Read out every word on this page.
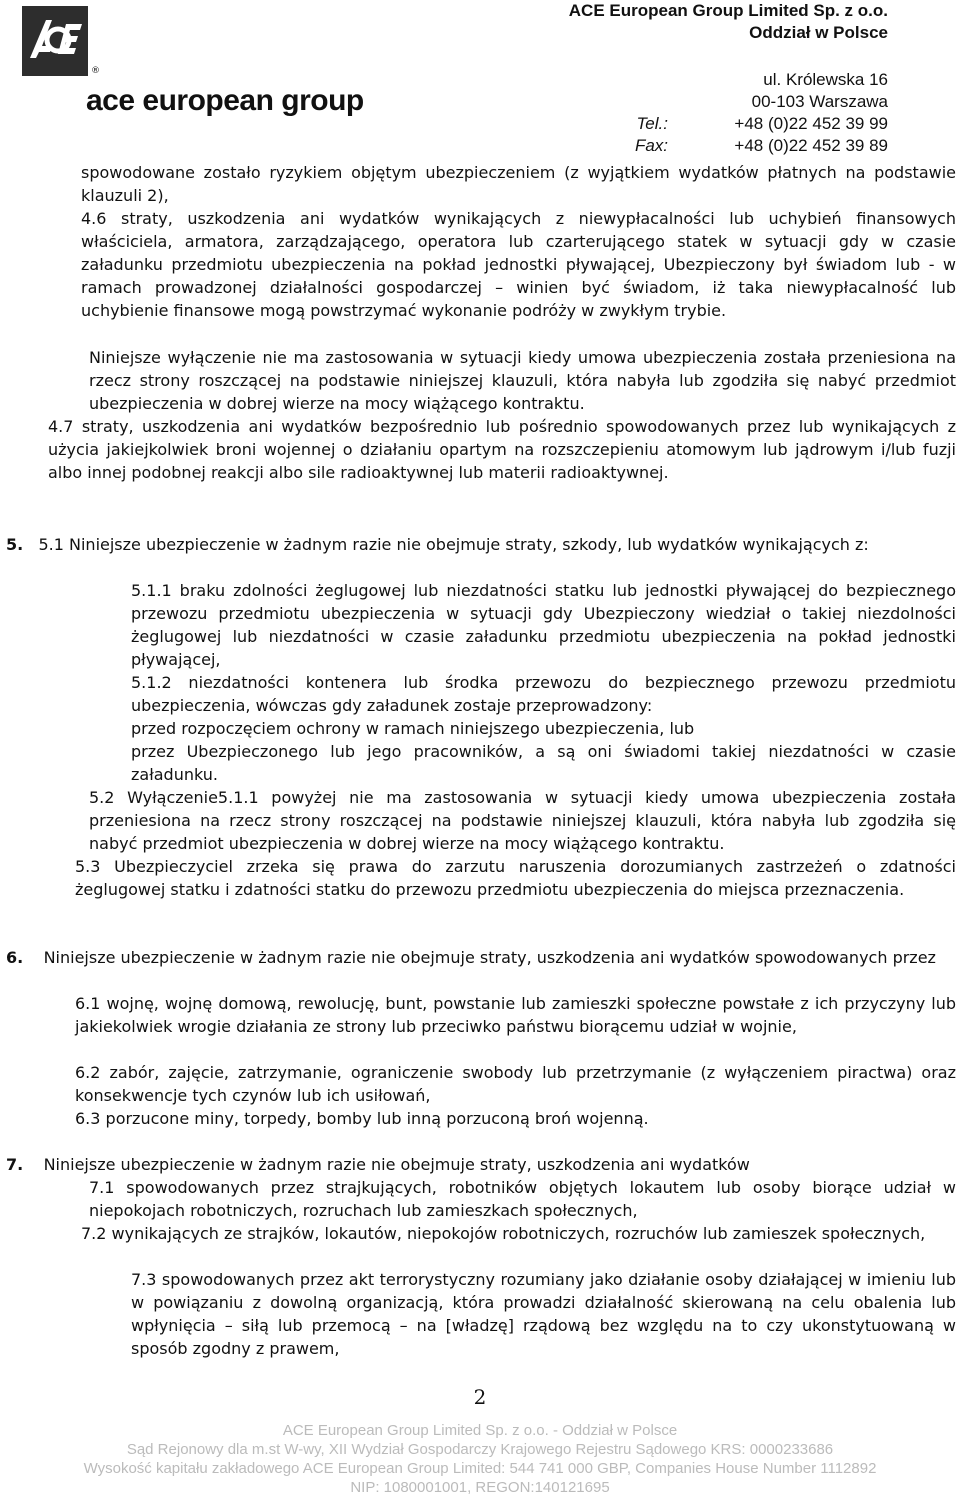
®
ace european group
ACE European Group Limited Sp. z o.o.
Oddział w Polsce
ul. Królewska 16
00-103 Warszawa
Tel.:	+48 (0)22 452 39 99
Fax:	+48 (0)22 452 39 89

spowodowane zostało ryzykiem objętym ubezpieczeniem (z wyjątkiem wydatków płatnych na podstawie klauzuli 2),

4.6 straty, uszkodzenia ani wydatków wynikających z niewypłacalności lub uchybień finansowych właściciela, armatora, zarządzającego, operatora lub czarterującego statek w sytuacji gdy w czasie załadunku przedmiotu ubezpieczenia na pokład jednostki pływającej, Ubezpieczony był świadom lub - w ramach prowadzonej działalności gospodarczej – winien być świadom, iż taka niewypłacalność lub uchybienie finansowe mogą powstrzymać wykonanie podróży w zwykłym trybie.

Niniejsze wyłączenie nie ma zastosowania w sytuacji kiedy umowa ubezpieczenia została przeniesiona na rzecz strony roszczącej na podstawie niniejszej klauzuli, która nabyła lub zgodziła się nabyć przedmiot ubezpieczenia w dobrej wierze na mocy wiążącego kontraktu.

4.7 straty, uszkodzenia ani wydatków bezpośrednio lub pośrednio spowodowanych przez lub wynikających z użycia jakiejkolwiek broni wojennej o działaniu opartym na rozszczepieniu atomowym lub jądrowym i/lub fuzji albo innej podobnej reakcji albo sile radioaktywnej lub materii radioaktywnej.

5. 5.1 Niniejsze ubezpieczenie w żadnym razie nie obejmuje straty, szkody, lub wydatków wynikających z:

5.1.1 braku zdolności żeglugowej lub niezdatności statku lub jednostki pływającej do bezpiecznego przewozu przedmiotu ubezpieczenia w sytuacji gdy Ubezpieczony wiedział o takiej niezdolności żeglugowej lub niezdatności w czasie załadunku przedmiotu ubezpieczenia na pokład jednostki pływającej,

5.1.2 niezdatności kontenera lub środka przewozu do bezpiecznego przewozu przedmiotu ubezpieczenia, wówczas gdy załadunek zostaje przeprowadzony:

przed rozpoczęciem ochrony w ramach niniejszego ubezpieczenia, lub

przez Ubezpieczonego lub jego pracowników, a są oni świadomi takiej niezdatności w czasie załadunku.

5.2 Wyłączenie5.1.1 powyżej nie ma zastosowania w sytuacji kiedy umowa ubezpieczenia została przeniesiona na rzecz strony roszczącej na podstawie niniejszej klauzuli, która nabyła lub zgodziła się nabyć przedmiot ubezpieczenia w dobrej wierze na mocy wiążącego kontraktu.

5.3 Ubezpieczyciel zrzeka się prawa do zarzutu naruszenia dorozumianych zastrzeżeń o zdatności żeglugowej statku i zdatności statku do przewozu przedmiotu ubezpieczenia do miejsca przeznaczenia.

6. Niniejsze ubezpieczenie w żadnym razie nie obejmuje straty, uszkodzenia ani wydatków spowodowanych przez

6.1 wojnę, wojnę domową, rewolucję, bunt, powstanie lub zamieszki społeczne powstałe z ich przyczyny lub jakiekolwiek wrogie działania ze strony lub przeciwko państwu biorącemu udział w wojnie,

6.2 zabór, zajęcie, zatrzymanie, ograniczenie swobody lub przetrzymanie (z wyłączeniem piractwa) oraz konsekwencje tych czynów lub ich usiłowań,

6.3 porzucone miny, torpedy, bomby lub inną porzuconą broń wojenną.

7. Niniejsze ubezpieczenie w żadnym razie nie obejmuje straty, uszkodzenia ani wydatków

7.1 spowodowanych przez strajkujących, robotników objętych lokautem lub osoby biorące udział w niepokojach robotniczych, rozruchach lub zamieszkach społecznych,

7.2 wynikających ze strajków, lokautów, niepokojów robotniczych, rozruchów lub zamieszek społecznych,

7.3 spowodowanych przez akt terrorystyczny rozumiany jako działanie osoby działającej w imieniu lub w powiązaniu z dowolną organizacją, która prowadzi działalność skierowaną na celu obalenia lub wpłynięcia – siłą lub przemocą – na [władzę] rządową bez względu na to czy ukonstytuowaną w sposób zgodny z prawem,

2
ACE European Group Limited Sp. z o.o. - Oddział w Polsce
Sąd Rejonowy dla m.st W-wy, XII Wydział Gospodarczy Krajowego Rejestru Sądowego KRS: 0000233686
Wysokość kapitału zakładowego ACE European Group Limited: 544 741 000 GBP, Companies House Number 1112892
NIP: 1080001001, REGON:140121695
